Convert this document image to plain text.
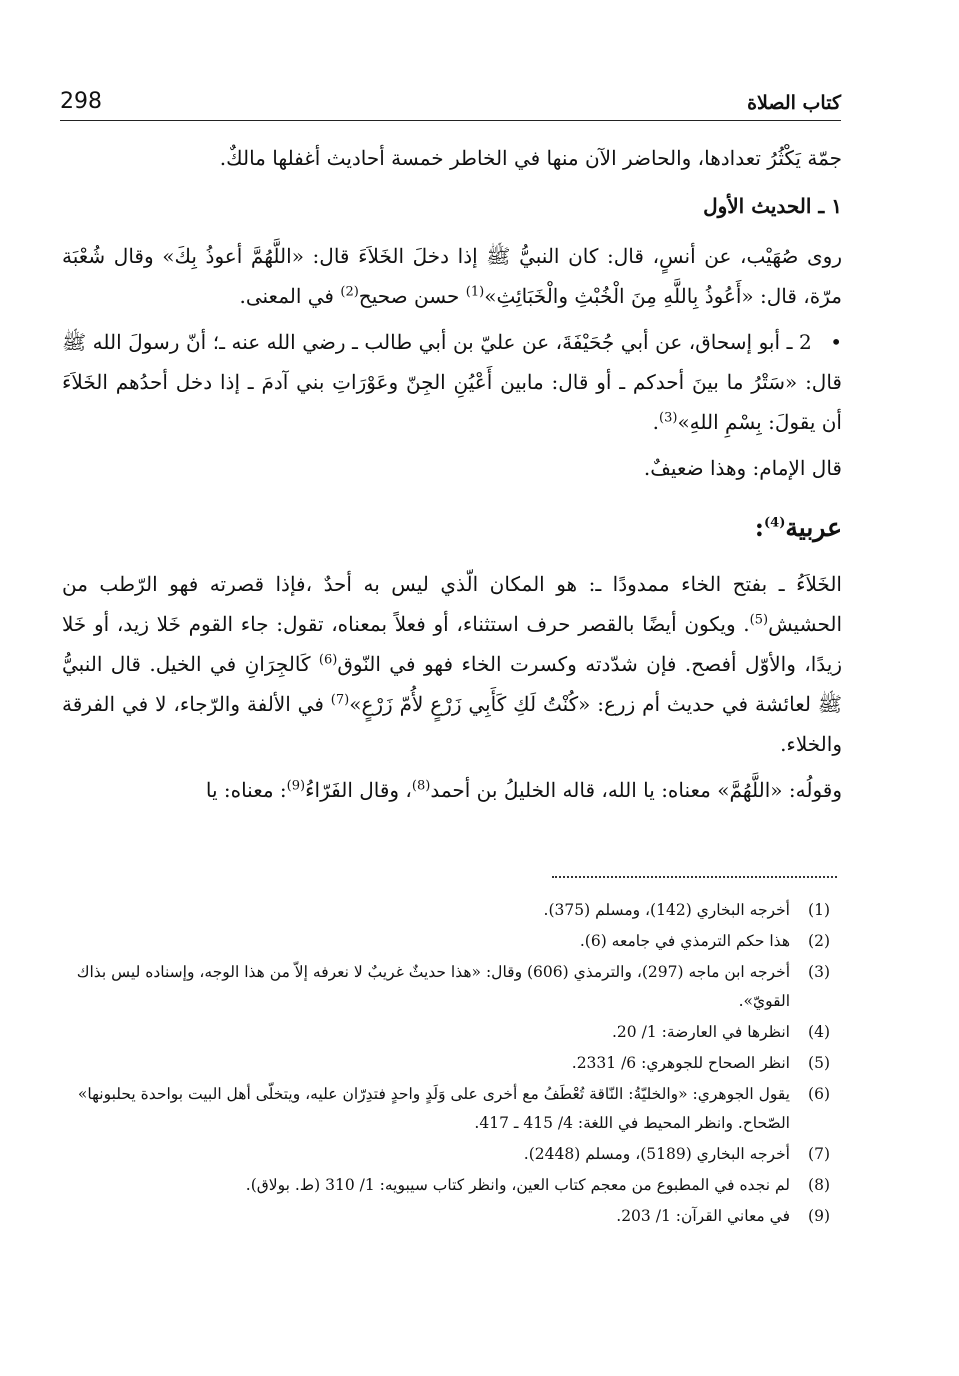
298	كتاب الصلاة

جمّة يَكْثُرُ تعدادها، والحاضر الآن منها في الخاطر خمسة أحاديث أغفلها مالكٌ.

١ ـ الحديث الأول

روى صُهَيْب، عن أنسٍ، قال: كان النبيُّ ﷺ إذا دخلَ الخَلاَءَ قال: «اللَّهُمَّ أعوذُ بِكَ» وقال شُعْبَة مرّة، قال: «أَعُوذُ بِاللَّهِ مِنَ الْخُبْثِ والْخَبَائِثِ»$^{(1)}$ حسن صحيح$^{(2)}$ في المعنى.

• 2 ـ أبو إسحاق، عن أبي جُحَيْفَةَ، عن عليّ بن أبي طالب ـ رضي الله عنه ـ؛ أنّ رسولَ الله ﷺ قال: «سَتْرُ ما بينَ أحدكم ـ أو قال: مابين أَعْيُنِ الجِنّ وعَوْرَاتِ بني آدمَ ـ إذا دخل أحدُهم الخَلاَءَ أن يقولَ: بِسْمِ اللهِ»$^{(3)}$.

قال الإمام: وهذا ضعيفٌ.

عربية$^{(4)}$:

الخَلاَءُ ـ بفتح الخاء ممدودًا ـ: هو المكان الّذي ليس به أحدٌ ،فإذا قصرته فهو الرّطب من الحشيش$^{(5)}$. ويكون أيضًا بالقصر حرف استثناء، أو فعلاً بمعناه، تقول: جاء القوم خَلا زيد، أو خَلا زيدًا، والأوّل أفصح. فإن شدّدته وكسرت الخاء فهو في النّوق$^{(6)}$ كَالجِرَانِ في الخيل. قال النبيُّ ﷺ لعائشة في حديث أم زرع: «كُنْتُ لَكِ كَأَبِي زَرْعٍ لأُمّ زَرْعٍ»$^{(7)}$ في الألفة والرّجاء، لا في الفرقة والخلاء.

وقولُه: «اللَّهُمَّ» معناه: يا الله، قاله الخليلُ بن أحمد$^{(8)}$، وقال الفَرّاءُ$^{(9)}$: معناه: يا

(1)
أخرجه البخاري (142)، ومسلم (375).
(2)
هذا حكم الترمذي في جامعه (6).
(3)
أخرجه ابن ماجه (297)، والترمذي (606) وقال: «هذا حديثٌ غريبٌ لا نعرفه إلاّ من هذا الوجه، وإسناده ليس بذاك القويّ».
(4)
انظرها في العارضة: 1/ 20.
(5)
انظر الصحاح للجوهري: 6/ 2331.
(6)
يقول الجوهري: «والخليّةُ: النّاقة تُعْطَفُ مع أخرى على وَلَدٍ واحدٍ فتدِرّان عليه، ويتخلّى أهل البيت بواحدة يحلبونها» الصّحاح. وانظر المحيط في اللغة: 4/ 415 ـ 417.
(7)
أخرجه البخاري (5189)، ومسلم (2448).
(8)
لم نجده في المطبوع من معجم كتاب العين، وانظر كتاب سيبويه: 1/ 310 (ط. بولاق).
(9)
في معاني القرآن: 1/ 203.
